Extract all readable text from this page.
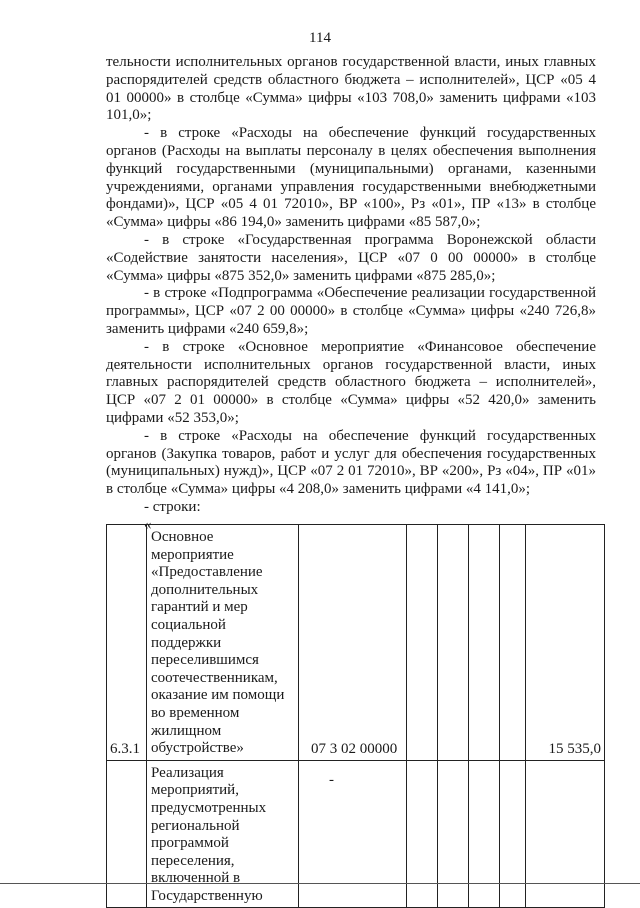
114

тельности исполнительных органов государственной власти, иных главных распорядителей средств областного бюджета – исполнителей», ЦСР «05 4 01 00000» в столбце «Сумма» цифры «103 708,0» заменить цифрами «103 101,0»;

- в строке «Расходы на обеспечение функций государственных органов (Расходы на выплаты персоналу в целях обеспечения выполнения функций государственными (муниципальными) органами, казенными учреждениями, органами управления государственными внебюджетными фондами)», ЦСР «05 4 01 72010», ВР «100», Рз «01», ПР «13» в столбце «Сумма» цифры «86 194,0» заменить цифрами «85 587,0»;

- в строке «Государственная программа Воронежской области «Содействие занятости населения», ЦСР «07 0 00 00000» в столбце «Сумма» цифры «875 352,0» заменить цифрами «875 285,0»;

- в строке «Подпрограмма «Обеспечение реализации государственной программы», ЦСР «07 2 00 00000» в столбце «Сумма» цифры «240 726,8» заменить цифрами «240 659,8»;

- в строке «Основное мероприятие «Финансовое обеспечение деятельности исполнительных органов государственной власти, иных главных распорядителей средств областного бюджета – исполнителей», ЦСР «07 2 01 00000» в столбце «Сумма» цифры «52 420,0» заменить цифрами «52 353,0»;

- в строке «Расходы на обеспечение функций государственных органов (Закупка товаров, работ и услуг для обеспечения государственных (муниципальных) нужд)», ЦСР «07 2 01 72010», ВР «200», Рз «04», ПР «01» в столбце «Сумма» цифры «4 208,0» заменить цифрами «4 141,0»;

- строки:

«

6.3.1	Основное мероприятие «Предоставление дополнительных гарантий и мер социальной поддержки переселившимся соотечественникам, оказание им помощи во временном жилищном обустройстве»	07 3 02 00000					15 535,0
	Реализация мероприятий, предусмотренных региональной программой переселения, включенной в Государственную	-					
